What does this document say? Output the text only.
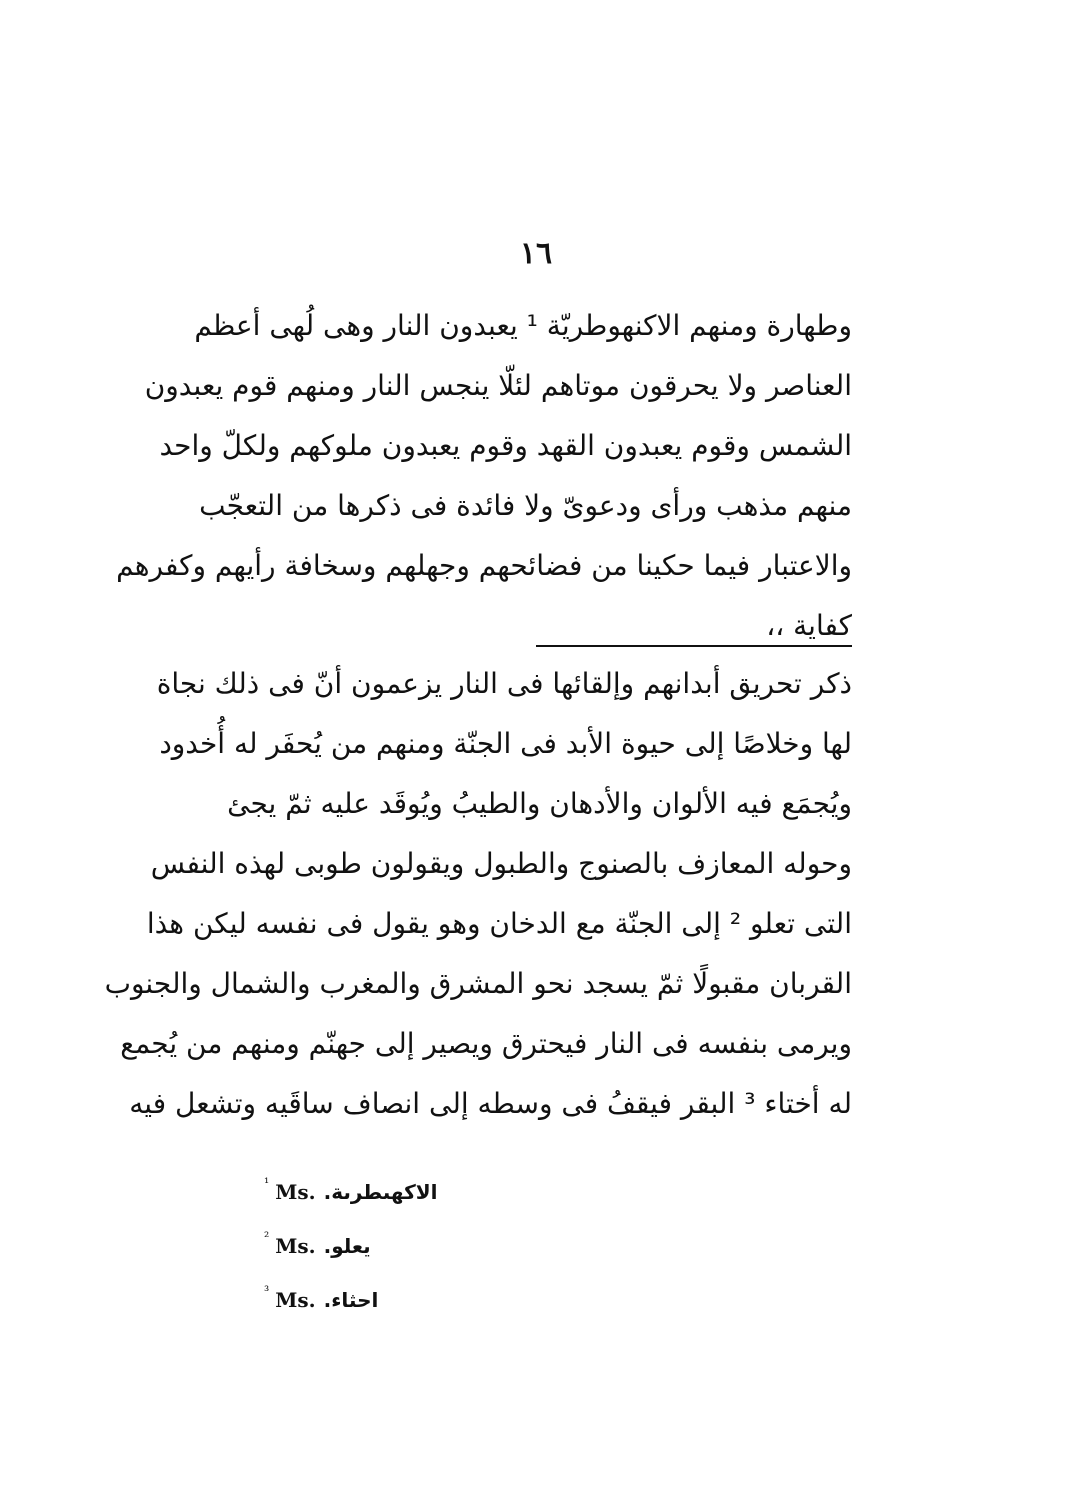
١٦
وطهارة ومنهم الاكنهوطريّة ¹ يعبدون النار وهى لُهى أعظم
العناصر ولا يحرقون موتاهم لئلّا ينجس النار ومنهم قوم يعبدون
الشمس وقوم يعبدون القهد وقوم يعبدون ملوكهم ولكلّ واحد
منهم مذهب ورأى ودعوىّ ولا فائدة فى ذكرها من التعجّب
والاعتبار فيما حكينا من فضائحهم وجهلهم وسخافة رأيهم وكفرهم
كفاية ،،
ذكر تحريق أبدانهم وإلقائها فى النار يزعمون أنّ فى ذلك نجاة
لها وخلاصًا إلى حيوة الأبد فى الجنّة ومنهم من يُحفَر له أُخدود
ويُجمَع فيه الألوان والأدهان والطيبُ ويُوقَد عليه ثمّ يجئ
وحوله المعازف بالصنوج والطبول ويقولون طوبى لهذه النفس
التى تعلو ² إلى الجنّة مع الدخان وهو يقول فى نفسه ليكن هذا
القربان مقبولًا ثمّ يسجد نحو المشرق والمغرب والشمال والجنوب
ويرمى بنفسه فى النار فيحترق ويصير إلى جهنّم ومنهم من يُجمع
له أختاء ³ البقر فيقفُ فى وسطه إلى انصاف ساقَيه وتشعل فيه
¹ Ms. الاكهىطرىة.
² Ms. يعلو.
³ Ms. احثاء.
